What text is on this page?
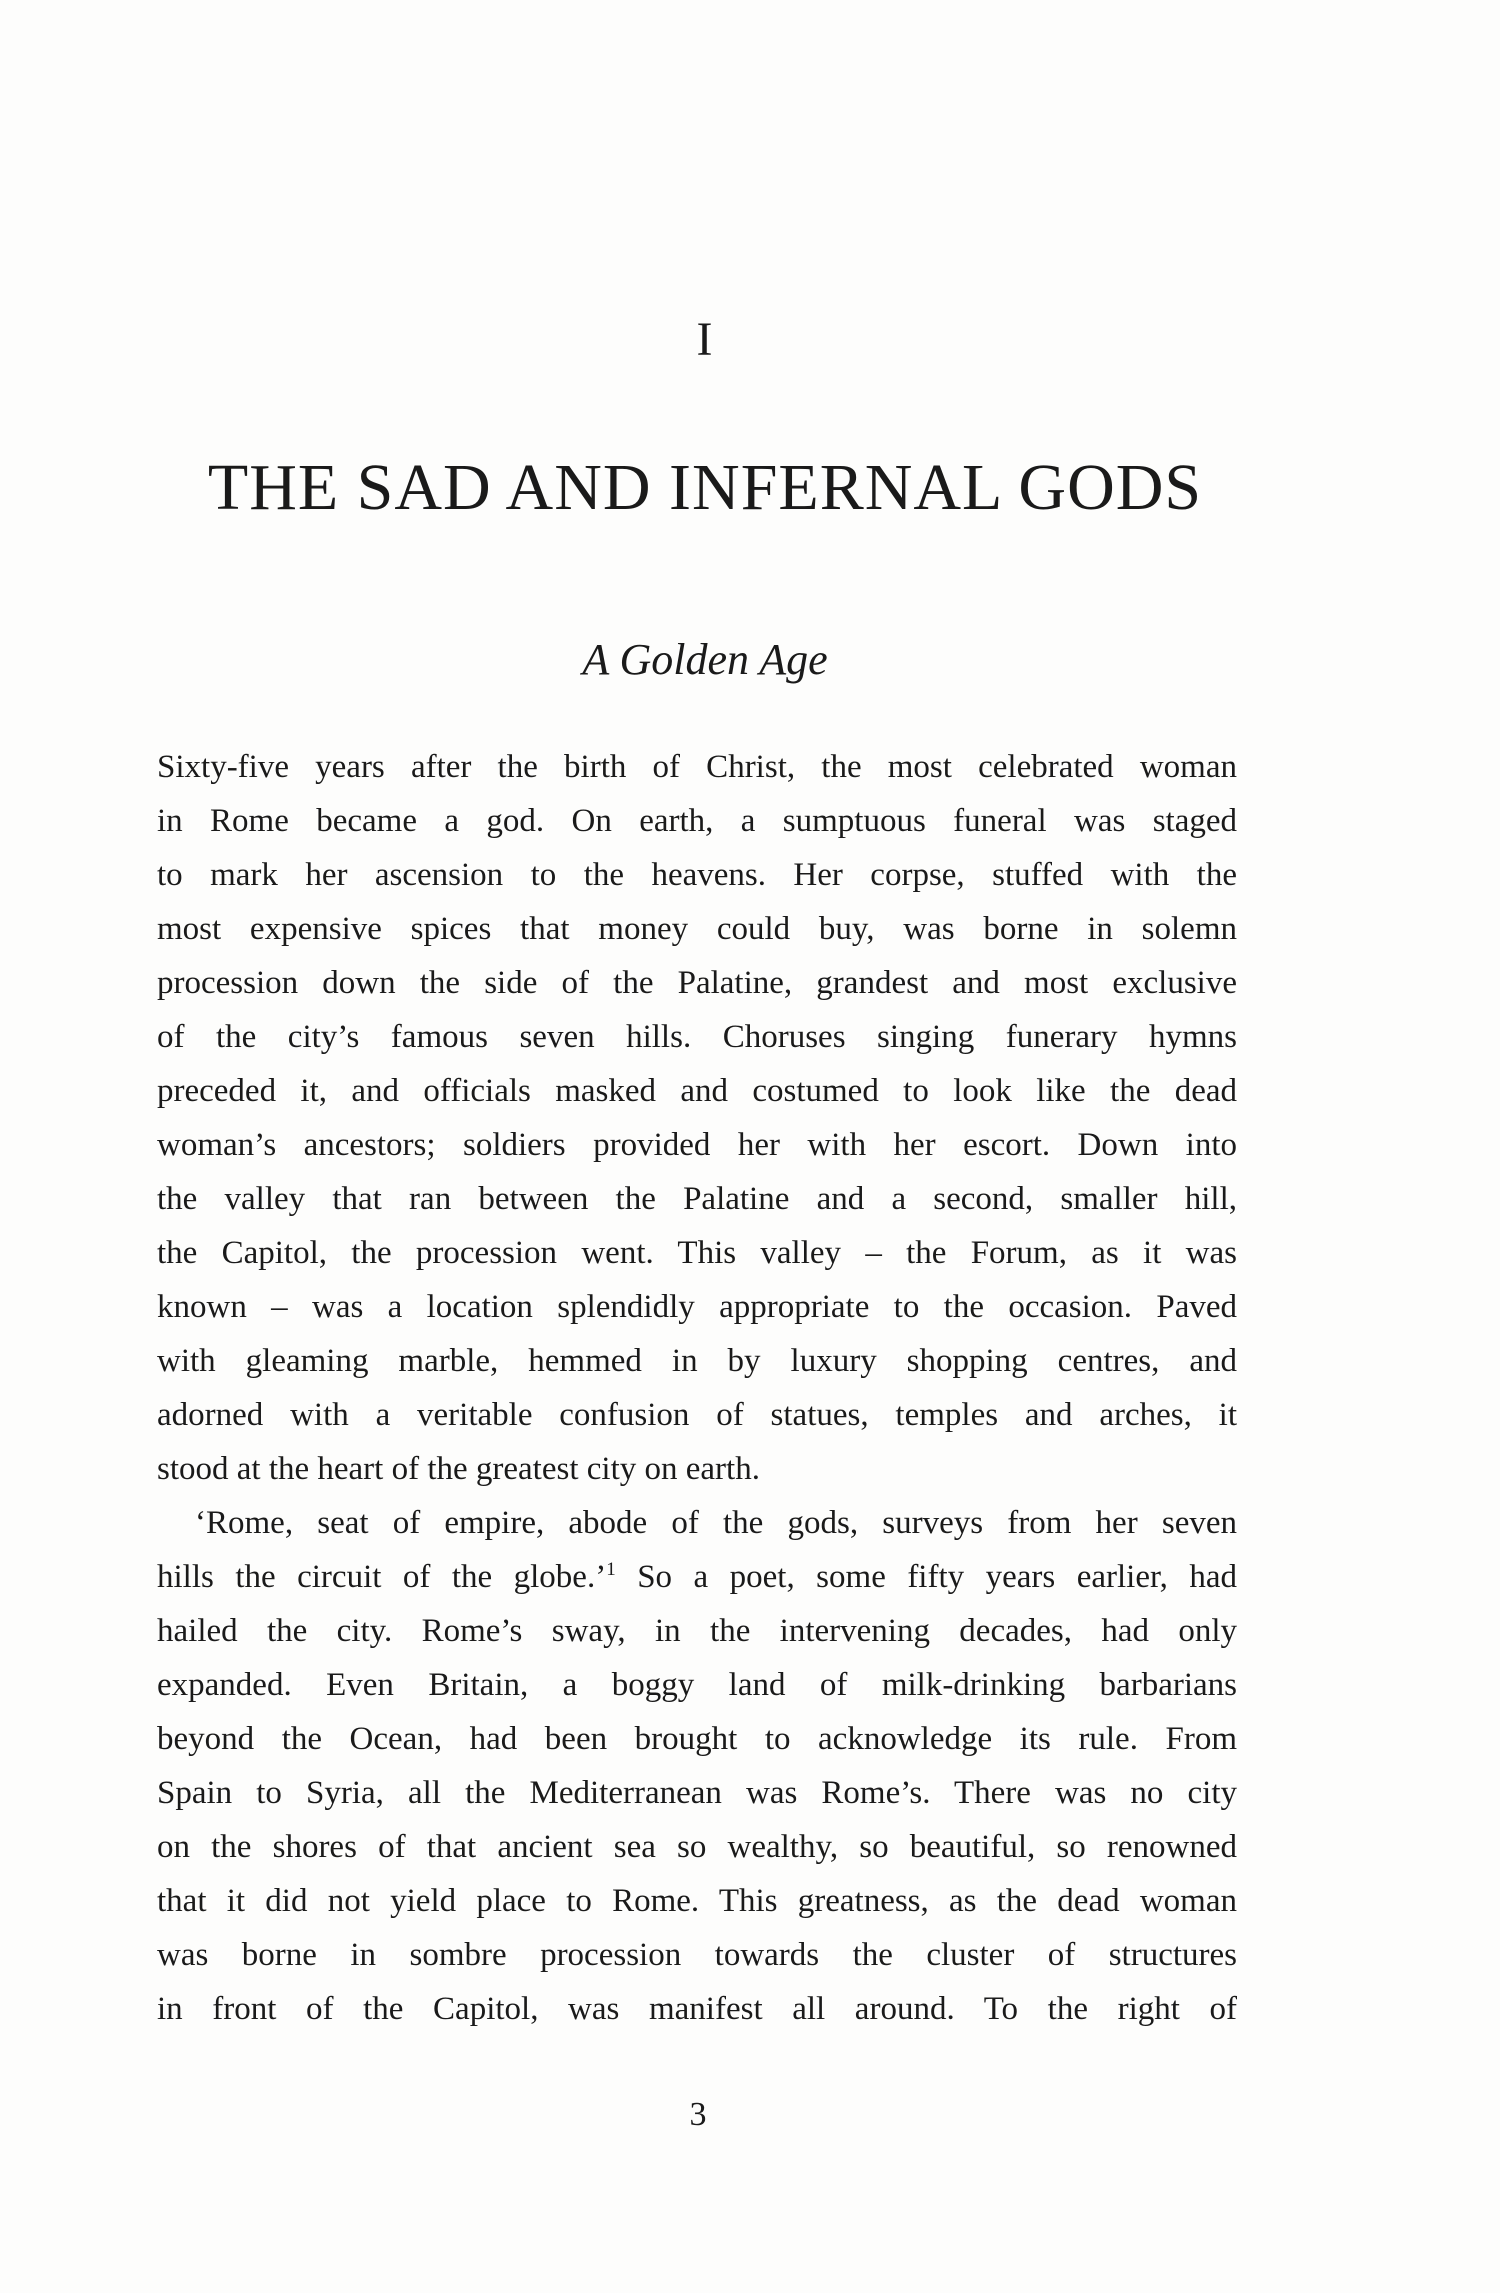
I
THE SAD AND INFERNAL GODS
A Golden Age
Sixty-five years after the birth of Christ, the most celebrated woman
in Rome became a god. On earth, a sumptuous funeral was staged
to mark her ascension to the heavens. Her corpse, stuffed with the
most expensive spices that money could buy, was borne in solemn
procession down the side of the Palatine, grandest and most exclusive
of the city’s famous seven hills. Choruses singing funerary hymns
preceded it, and officials masked and costumed to look like the dead
woman’s ancestors; soldiers provided her with her escort. Down into
the valley that ran between the Palatine and a second, smaller hill,
the Capitol, the procession went. This valley – the Forum, as it was
known – was a location splendidly appropriate to the occasion. Paved
with gleaming marble, hemmed in by luxury shopping centres, and
adorned with a veritable confusion of statues, temples and arches, it
stood at the heart of the greatest city on earth.
‘Rome, seat of empire, abode of the gods, surveys from her seven
hills the circuit of the globe.’$^1$ So a poet, some fifty years earlier, had
hailed the city. Rome’s sway, in the intervening decades, had only
expanded. Even Britain, a boggy land of milk-drinking barbarians
beyond the Ocean, had been brought to acknowledge its rule. From
Spain to Syria, all the Mediterranean was Rome’s. There was no city
on the shores of that ancient sea so wealthy, so beautiful, so renowned
that it did not yield place to Rome. This greatness, as the dead woman
was borne in sombre procession towards the cluster of structures
in front of the Capitol, was manifest all around. To the right of
3
